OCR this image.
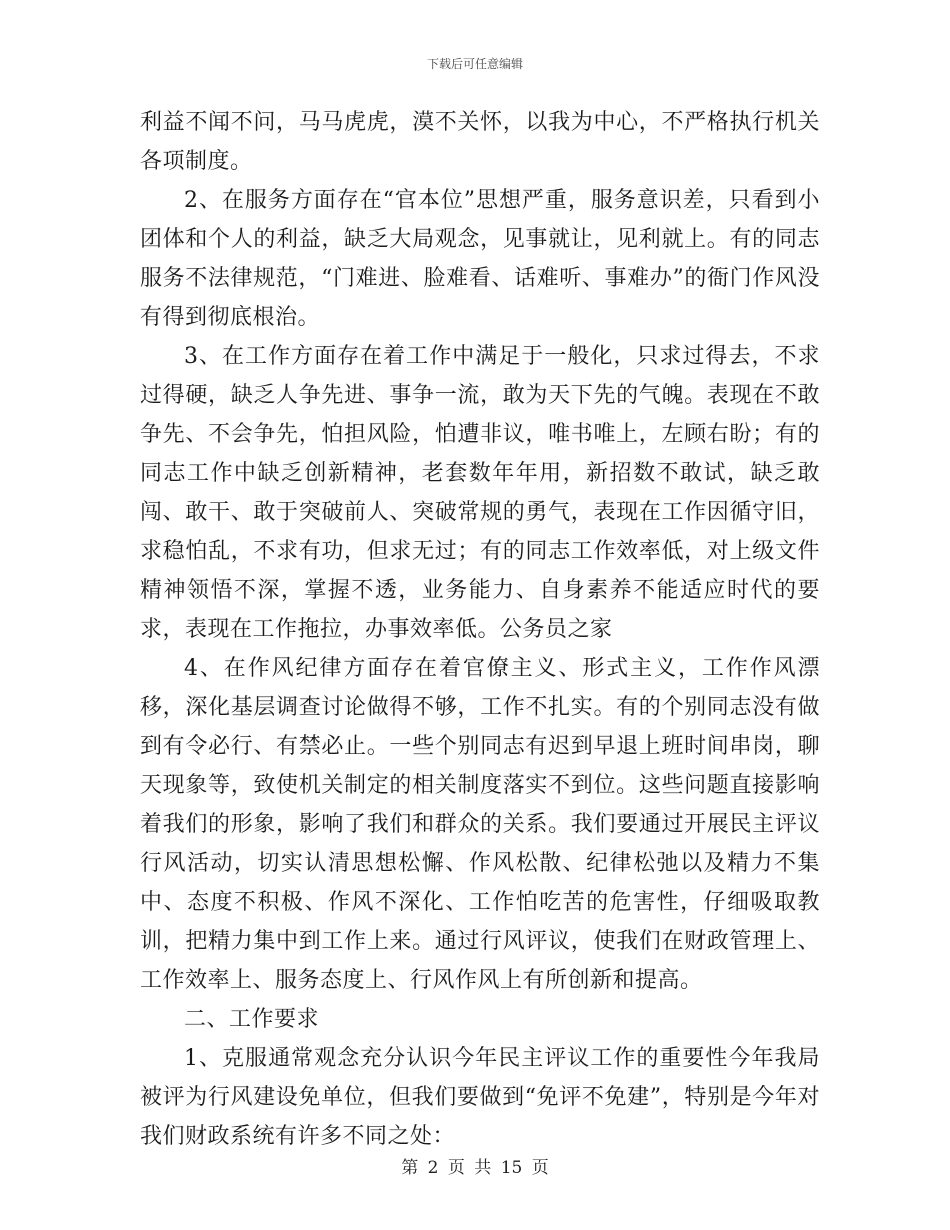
下载后可任意编辑

利益不闻不问，马马虎虎，漠不关怀，以我为中心，不严格执行机关各项制度。

2、在服务方面存在“官本位”思想严重，服务意识差，只看到小团体和个人的利益，缺乏大局观念，见事就让，见利就上。有的同志服务不法律规范，“门难进、脸难看、话难听、事难办”的衙门作风没有得到彻底根治。

3、在工作方面存在着工作中满足于一般化，只求过得去，不求过得硬，缺乏人争先进、事争一流，敢为天下先的气魄。表现在不敢争先、不会争先，怕担风险，怕遭非议，唯书唯上，左顾右盼；有的同志工作中缺乏创新精神，老套数年年用，新招数不敢试，缺乏敢闯、敢干、敢于突破前人、突破常规的勇气，表现在工作因循守旧，求稳怕乱，不求有功，但求无过；有的同志工作效率低，对上级文件精神领悟不深，掌握不透，业务能力、自身素养不能适应时代的要求，表现在工作拖拉，办事效率低。公务员之家

4、在作风纪律方面存在着官僚主义、形式主义，工作作风漂移，深化基层调查讨论做得不够，工作不扎实。有的个别同志没有做到有令必行、有禁必止。一些个别同志有迟到早退上班时间串岗，聊天现象等，致使机关制定的相关制度落实不到位。这些问题直接影响着我们的形象，影响了我们和群众的关系。我们要通过开展民主评议行风活动，切实认清思想松懈、作风松散、纪律松弛以及精力不集中、态度不积极、作风不深化、工作怕吃苦的危害性，仔细吸取教训，把精力集中到工作上来。通过行风评议，使我们在财政管理上、工作效率上、服务态度上、行风作风上有所创新和提高。

二、工作要求

1、克服通常观念充分认识今年民主评议工作的重要性今年我局被评为行风建设免单位，但我们要做到“免评不免建”，特别是今年对我们财政系统有许多不同之处：

第 2 页 共 15 页
